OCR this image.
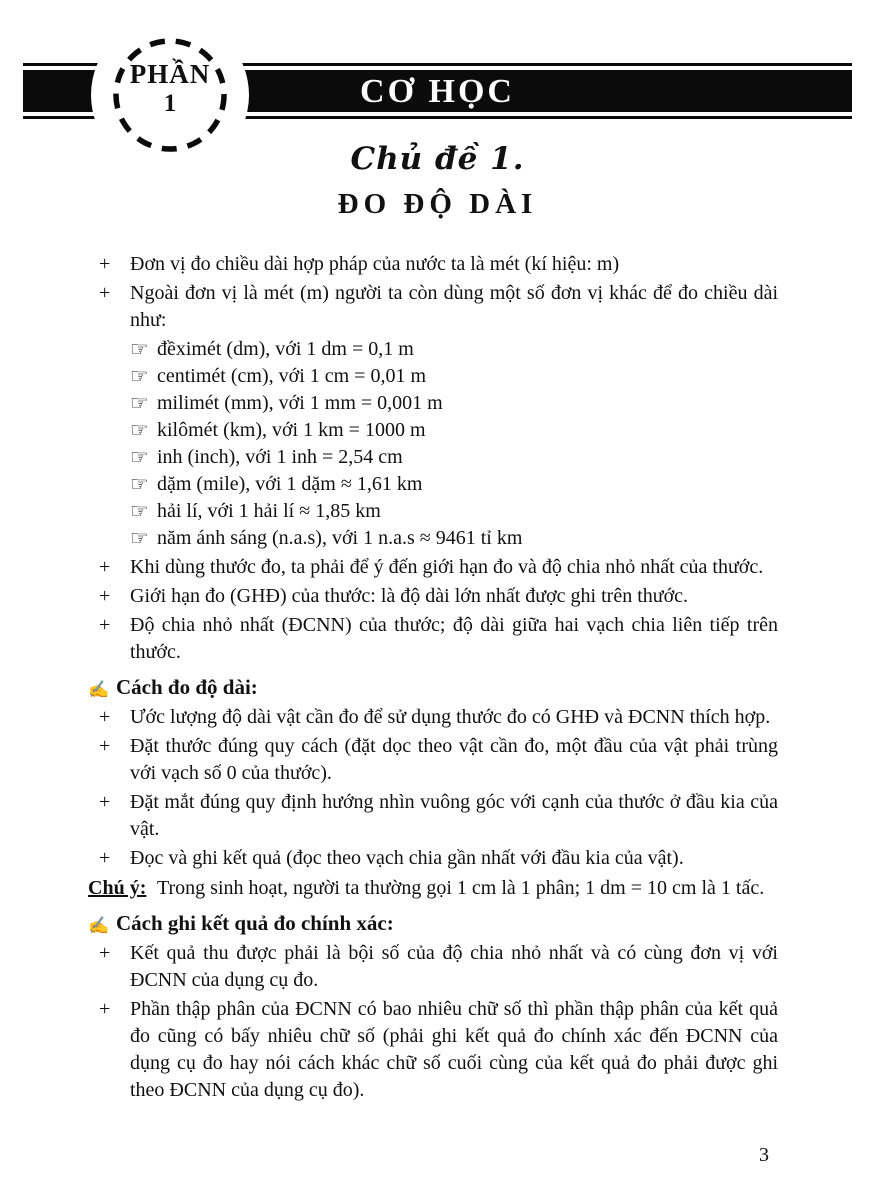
PHẦN
1	CƠ HỌC
Chủ đề 1.
ĐO ĐỘ DÀI
+ Đơn vị đo chiều dài hợp pháp của nước ta là mét (kí hiệu: m)
+ Ngoài đơn vị là mét (m) người ta còn dùng một số đơn vị khác để đo chiều dài như:
☞ đềximét (dm), với 1 dm = 0,1 m
☞ centimét (cm), với 1 cm = 0,01 m
☞ milimét (mm), với 1 mm = 0,001 m
☞ kilômét (km), với 1 km = 1000 m
☞ inh (inch), với 1 inh = 2,54 cm
☞ dặm (mile), với 1 dặm ≈ 1,61 km
☞ hải lí, với 1 hải lí ≈ 1,85 km
☞ năm ánh sáng (n.a.s), với 1 n.a.s ≈ 9461 tỉ km
+ Khi dùng thước đo, ta phải để ý đến giới hạn đo và độ chia nhỏ nhất của thước.
+ Giới hạn đo (GHĐ) của thước: là độ dài lớn nhất được ghi trên thước.
+ Độ chia nhỏ nhất (ĐCNN) của thước; độ dài giữa hai vạch chia liên tiếp trên thước.
✍ Cách đo độ dài:
+ Ước lượng độ dài vật cần đo để sử dụng thước đo có GHĐ và ĐCNN thích hợp.
+ Đặt thước đúng quy cách (đặt dọc theo vật cần đo, một đầu của vật phải trùng với vạch số 0 của thước).
+ Đặt mắt đúng quy định hướng nhìn vuông góc với cạnh của thước ở đầu kia của vật.
+ Đọc và ghi kết quả (đọc theo vạch chia gần nhất với đầu kia của vật).
Chú ý: Trong sinh hoạt, người ta thường gọi 1 cm là 1 phân; 1 dm = 10 cm là 1 tấc.
✍ Cách ghi kết quả đo chính xác:
+ Kết quả thu được phải là bội số của độ chia nhỏ nhất và có cùng đơn vị với ĐCNN của dụng cụ đo.
+ Phần thập phân của ĐCNN có bao nhiêu chữ số thì phần thập phân của kết quả đo cũng có bấy nhiêu chữ số (phải ghi kết quả đo chính xác đến ĐCNN của dụng cụ đo hay nói cách khác chữ số cuối cùng của kết quả đo phải được ghi theo ĐCNN của dụng cụ đo).
3
